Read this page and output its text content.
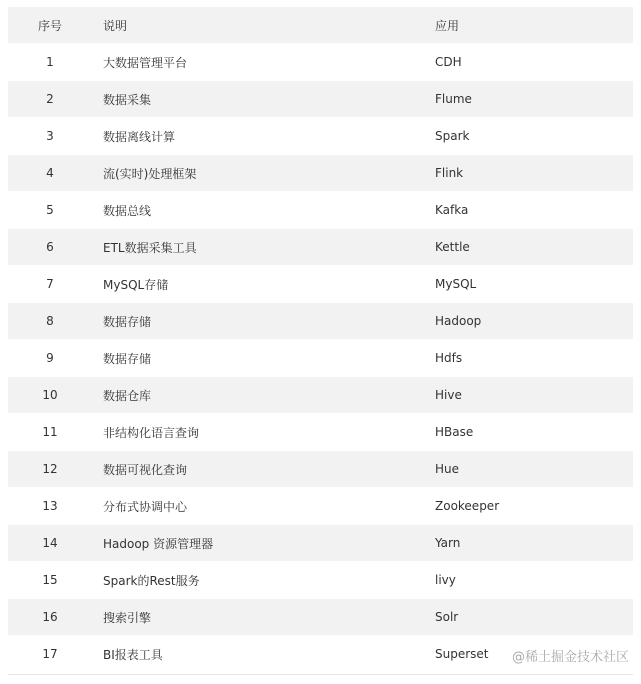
序号	说明	应用
1	大数据管理平台	CDH
2	数据采集	Flume
3	数据离线计算	Spark
4	流(实时)处理框架	Flink
5	数据总线	Kafka
6	ETL数据采集工具	Kettle
7	MySQL存储	MySQL
8	数据存储	Hadoop
9	数据存储	Hdfs
10	数据仓库	Hive
11	非结构化语言查询	HBase
12	数据可视化查询	Hue
13	分布式协调中心	Zookeeper
14	Hadoop 资源管理器	Yarn
15	Spark的Rest服务	livy
16	搜索引擎	Solr
17	BI报表工具	Superset	@稀土掘金技术社区
